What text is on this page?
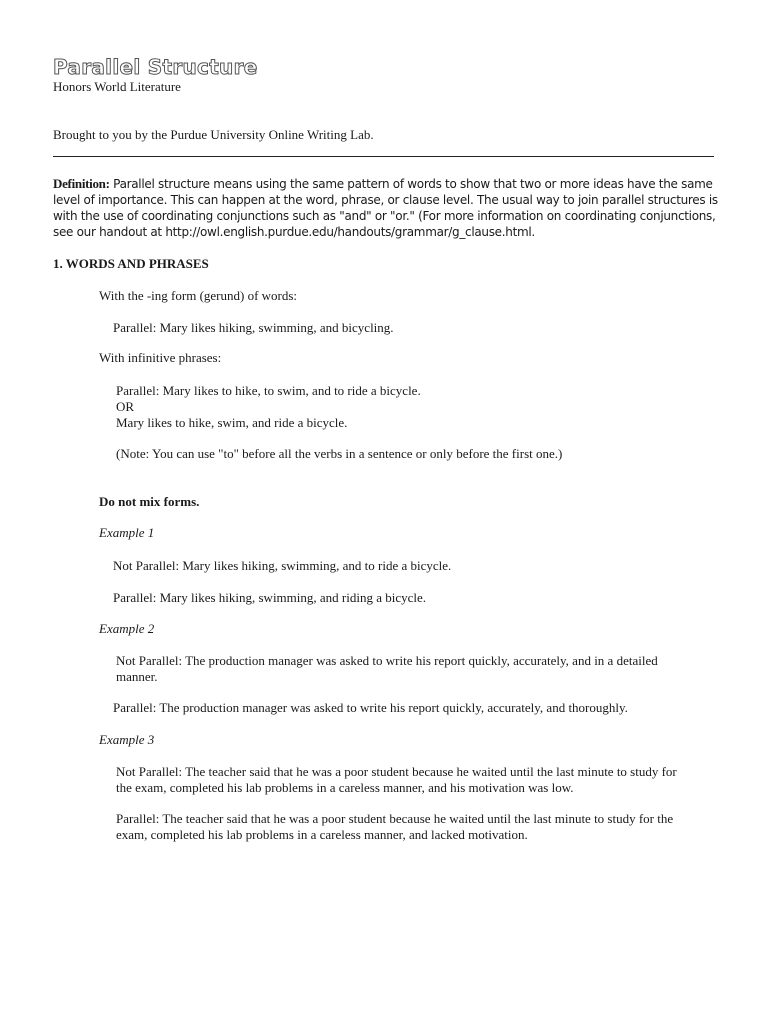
Parallel Structure
Honors World Literature
Brought to you by the Purdue University Online Writing Lab.
Definition: Parallel structure means using the same pattern of words to show that two or more ideas have the same
level of importance. This can happen at the word, phrase, or clause level. The usual way to join parallel structures is
with the use of coordinating conjunctions such as "and" or "or." (For more information on coordinating conjunctions,
see our handout at http://owl.english.purdue.edu/handouts/grammar/g_clause.html.
1. WORDS AND PHRASES
With the -ing form (gerund) of words:
Parallel: Mary likes hiking, swimming, and bicycling.
With infinitive phrases:
Parallel: Mary likes to hike, to swim, and to ride a bicycle.
OR
Mary likes to hike, swim, and ride a bicycle.
(Note: You can use "to" before all the verbs in a sentence or only before the first one.)
Do not mix forms.
Example 1
Not Parallel: Mary likes hiking, swimming, and to ride a bicycle.
Parallel: Mary likes hiking, swimming, and riding a bicycle.
Example 2
Not Parallel: The production manager was asked to write his report quickly, accurately, and in a detailed
manner.
Parallel: The production manager was asked to write his report quickly, accurately, and thoroughly.
Example 3
Not Parallel: The teacher said that he was a poor student because he waited until the last minute to study for
the exam, completed his lab problems in a careless manner, and his motivation was low.
Parallel: The teacher said that he was a poor student because he waited until the last minute to study for the
exam, completed his lab problems in a careless manner, and lacked motivation.
